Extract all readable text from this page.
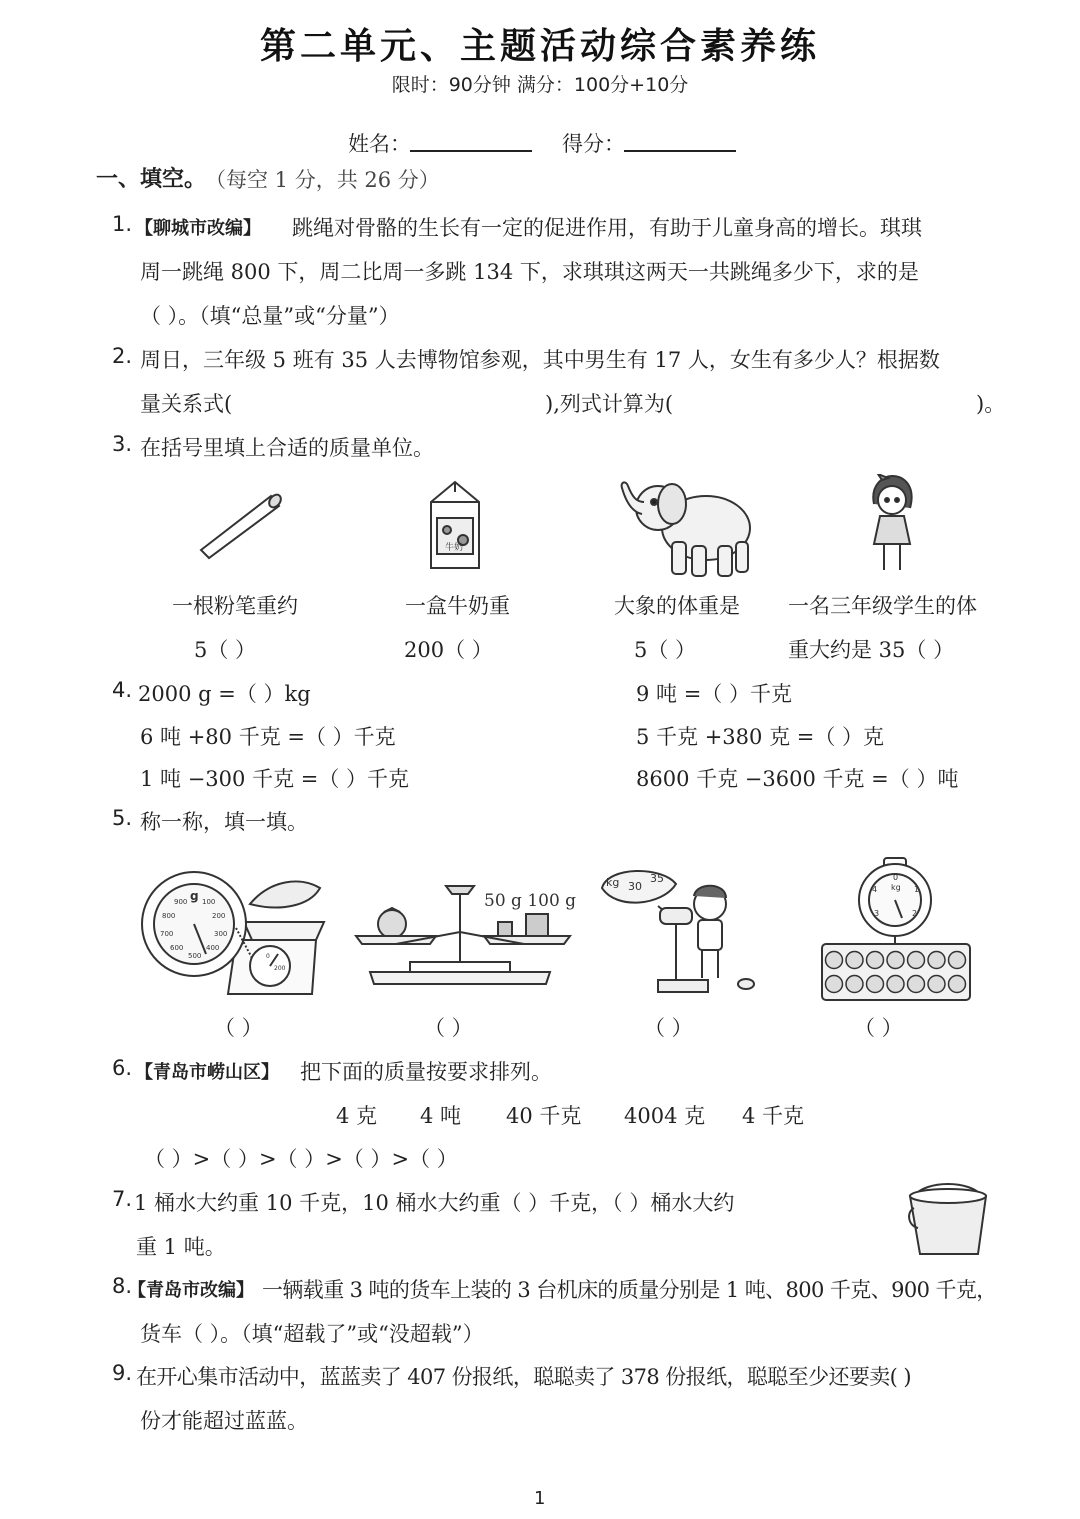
第二单元、主题活动综合素养练
限时：90分钟 满分：100分+10分
姓名：	得分：
一、填空。
（每空 1 分，共 26 分）
1. 【聊城市改编】 跳绳对骨骼的生长有一定的促进作用，有助于儿童身高的增长。琪琪
周一跳绳 800 下，周二比周一多跳 134 下，求琪琪这两天一共跳绳多少下，求的是
（ ）。（填“总量”或“分量”）
2. 周日，三年级 5 班有 35 人去博物馆参观，其中男生有 17 人，女生有多少人？根据数
量关系式(	),列式计算为(	)。
3. 在括号里填上合适的质量单位。
牛奶
一根粉笔重约
5（ ）
一盒牛奶重
200（ ）
大象的体重是
5（ ）
一名三年级学生的体
重大约是 35（ ）
4. 2000 g =（ ）kg
6 吨 +80 千克 =（ ）千克
1 吨 −300 千克 =（ ）千克
9 吨 =（ ）千克
5 千克 +380 克 =（ ）克
8600 千克 −3600 千克 =（ ）吨
5. 称一称，填一填。
g
900 100
800	200
700	300
600	400
500	0
200
50 g 100 g
kg 30
35
kg
0
1
2
3
4
（ ）	（ ）	（ ）	（ ）
6. 【青岛市崂山区】 把下面的质量按要求排列。
4 克 4 吨 40 千克 4004 克 4 千克
（ ）>（ ）>（ ）>（ ）>（ ）
7. 1 桶水大约重 10 千克，10 桶水大约重（ ）千克，（ ）桶水大约
重 1 吨。
8.
【青岛市改编】 一辆载重 3 吨的货车上装的 3 台机床的质量分别是 1 吨、800 千克、900 千克，
货车（ ）。（填“超载了”或“没超载”）
9. 在开心集市活动中，蓝蓝卖了 407 份报纸，聪聪卖了 378 份报纸，聪聪至少还要卖( )
份才能超过蓝蓝。
1
